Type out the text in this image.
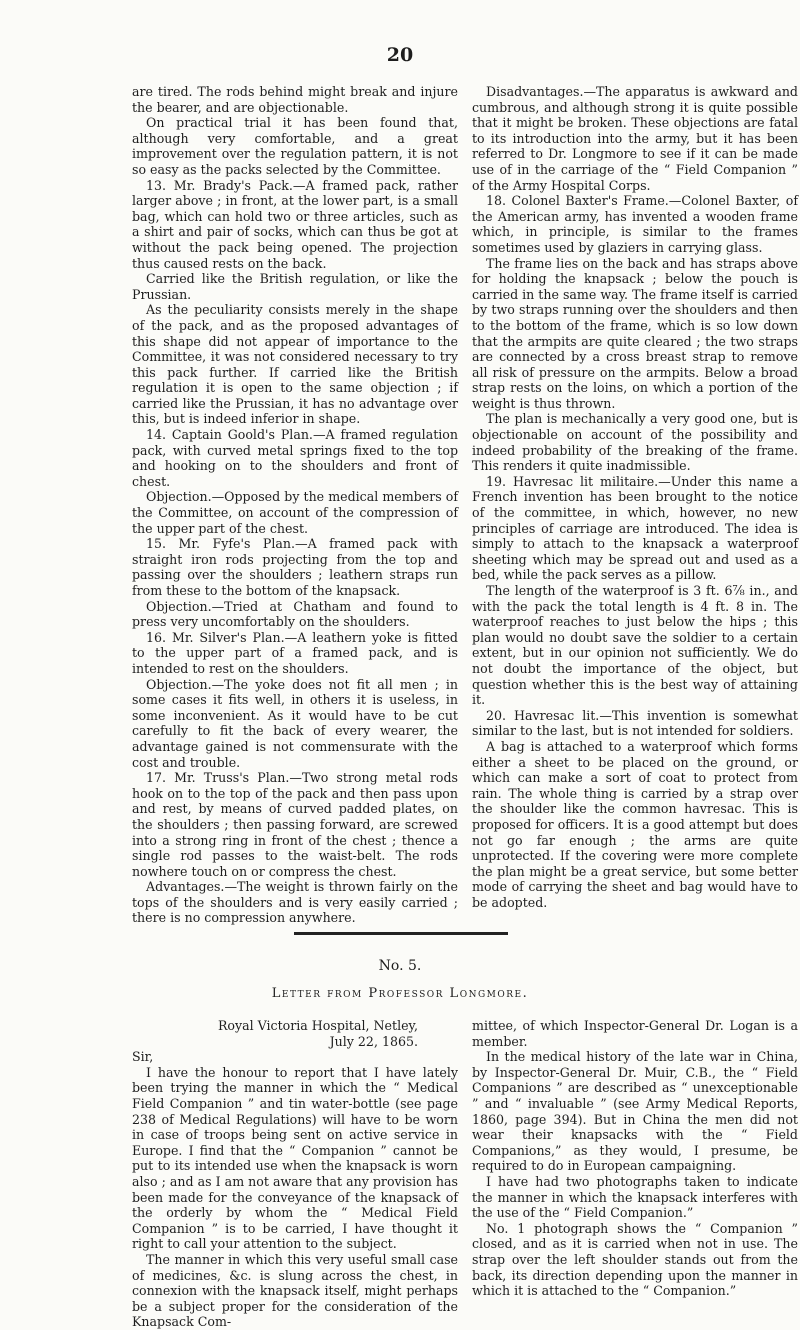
20

are tired. The rods behind might break and injure the bearer, and are objectionable.

On practical trial it has been found that, although very comfortable, and a great improvement over the regulation pattern, it is not so easy as the packs selected by the Committee.

13. Mr. Brady's Pack.—A framed pack, rather larger above ; in front, at the lower part, is a small bag, which can hold two or three articles, such as a shirt and pair of socks, which can thus be got at without the pack being opened. The projection thus caused rests on the back.

Carried like the British regulation, or like the Prussian.

As the peculiarity consists merely in the shape of the pack, and as the proposed advantages of this shape did not appear of importance to the Committee, it was not considered necessary to try this pack further. If carried like the British regulation it is open to the same objection ; if carried like the Prussian, it has no advantage over this, but is indeed inferior in shape.

14. Captain Goold's Plan.—A framed regulation pack, with curved metal springs fixed to the top and hooking on to the shoulders and front of chest.

Objection.—Opposed by the medical members of the Committee, on account of the compression of the upper part of the chest.

15. Mr. Fyfe's Plan.—A framed pack with straight iron rods projecting from the top and passing over the shoulders ; leathern straps run from these to the bottom of the knapsack.

Objection.—Tried at Chatham and found to press very uncomfortably on the shoulders.

16. Mr. Silver's Plan.—A leathern yoke is fitted to the upper part of a framed pack, and is intended to rest on the shoulders.

Objection.—The yoke does not fit all men ; in some cases it fits well, in others it is useless, in some inconvenient. As it would have to be cut carefully to fit the back of every wearer, the advantage gained is not commensurate with the cost and trouble.

17. Mr. Truss's Plan.—Two strong metal rods hook on to the top of the pack and then pass upon and rest, by means of curved padded plates, on the shoulders ; then passing forward, are screwed into a strong ring in front of the chest ; thence a single rod passes to the waist-belt. The rods nowhere touch on or compress the chest.

Advantages.—The weight is thrown fairly on the tops of the shoulders and is very easily carried ; there is no compression anywhere.

Disadvantages.—The apparatus is awkward and cumbrous, and although strong it is quite possible that it might be broken. These objections are fatal to its introduction into the army, but it has been referred to Dr. Longmore to see if it can be made use of in the carriage of the “ Field Companion ” of the Army Hospital Corps.

18. Colonel Baxter's Frame.—Colonel Baxter, of the American army, has invented a wooden frame which, in principle, is similar to the frames sometimes used by glaziers in carrying glass.

The frame lies on the back and has straps above for holding the knapsack ; below the pouch is carried in the same way. The frame itself is carried by two straps running over the shoulders and then to the bottom of the frame, which is so low down that the armpits are quite cleared ; the two straps are connected by a cross breast strap to remove all risk of pressure on the armpits. Below a broad strap rests on the loins, on which a portion of the weight is thus thrown.

The plan is mechanically a very good one, but is objectionable on account of the possibility and indeed probability of the breaking of the frame. This renders it quite inadmissible.

19. Havresac lit militaire.—Under this name a French invention has been brought to the notice of the committee, in which, however, no new principles of carriage are introduced. The idea is simply to attach to the knapsack a waterproof sheeting which may be spread out and used as a bed, while the pack serves as a pillow.

The length of the waterproof is 3 ft. 6⅞ in., and with the pack the total length is 4 ft. 8 in. The waterproof reaches to just below the hips ; this plan would no doubt save the soldier to a certain extent, but in our opinion not sufficiently. We do not doubt the importance of the object, but question whether this is the best way of attaining it.

20. Havresac lit.—This invention is somewhat similar to the last, but is not intended for soldiers.

A bag is attached to a waterproof which forms either a sheet to be placed on the ground, or which can make a sort of coat to protect from rain. The whole thing is carried by a strap over the shoulder like the common havresac. This is proposed for officers. It is a good attempt but does not go far enough ; the arms are quite unprotected. If the covering were more complete the plan might be a great service, but some better mode of carrying the sheet and bag would have to be adopted.

No. 5.
Letter from Professor Longmore.

Royal Victoria Hospital, Netley,

July 22, 1865.

Sir,

I have the honour to report that I have lately been trying the manner in which the “ Medical Field Companion ” and tin water-bottle (see page 238 of Medical Regulations) will have to be worn in case of troops being sent on active service in Europe. I find that the “ Companion ” cannot be put to its intended use when the knapsack is worn also ; and as I am not aware that any provision has been made for the conveyance of the knapsack of the orderly by whom the “ Medical Field Companion ” is to be carried, I have thought it right to call your attention to the subject.

The manner in which this very useful small case of medicines, &c. is slung across the chest, in connexion with the knapsack itself, might perhaps be a subject proper for the consideration of the Knapsack Com-

mittee, of which Inspector-General Dr. Logan is a member.

In the medical history of the late war in China, by Inspector-General Dr. Muir, C.B., the “ Field Companions ” are described as “ unexceptionable ” and “ invaluable ” (see Army Medical Reports, 1860, page 394). But in China the men did not wear their knapsacks with the “ Field Companions,” as they would, I presume, be required to do in European campaigning.

I have had two photographs taken to indicate the manner in which the knapsack interferes with the use of the “ Field Companion.”

No. 1 photograph shows the “ Companion ” closed, and as it is carried when not in use. The strap over the left shoulder stands out from the back, its direction depending upon the manner in which it is attached to the “ Companion.”
